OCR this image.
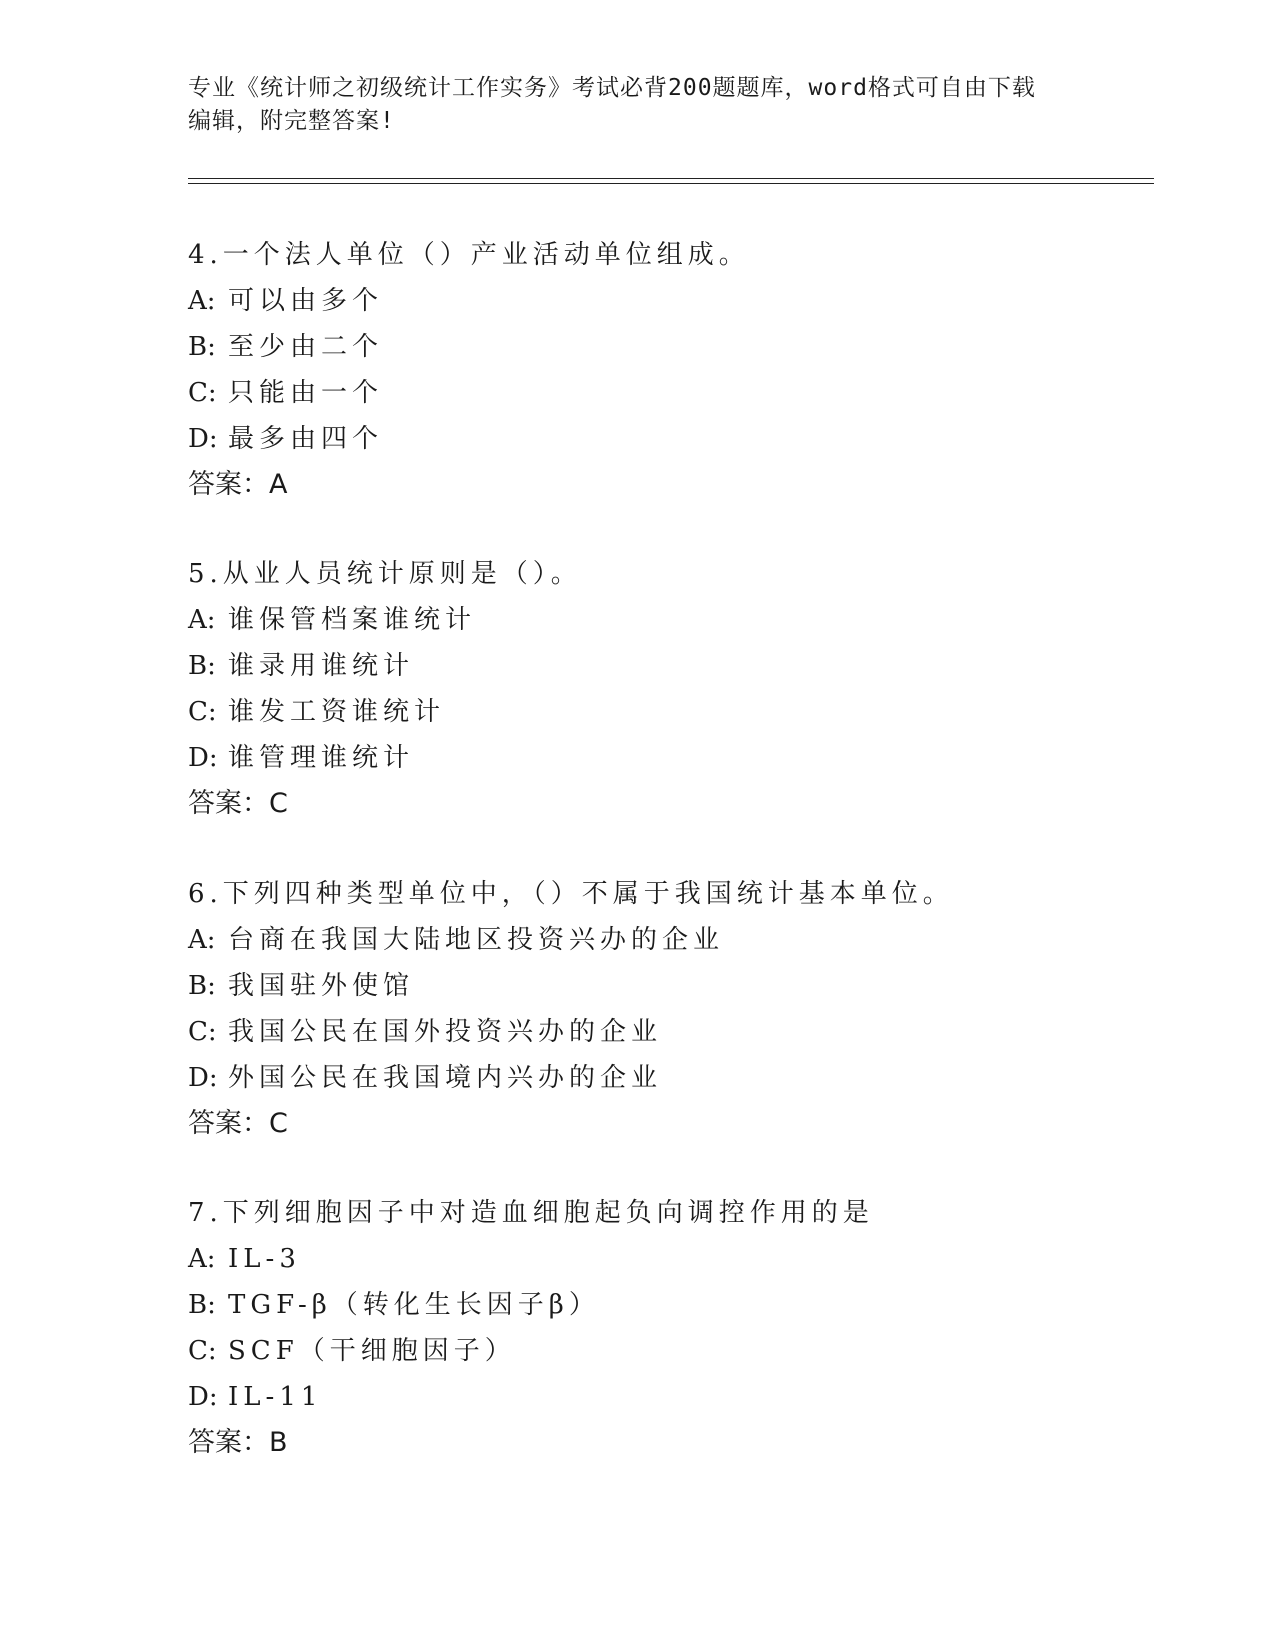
专业《统计师之初级统计工作实务》考试必背200题题库，word格式可自由下载
编辑，附完整答案!
4.一个法人单位（）产业活动单位组成。
A: 可以由多个
B: 至少由二个
C: 只能由一个
D: 最多由四个
答案：A
5.从业人员统计原则是（）。
A: 谁保管档案谁统计
B: 谁录用谁统计
C: 谁发工资谁统计
D: 谁管理谁统计
答案：C
6.下列四种类型单位中，（）不属于我国统计基本单位。
A: 台商在我国大陆地区投资兴办的企业
B: 我国驻外使馆
C: 我国公民在国外投资兴办的企业
D: 外国公民在我国境内兴办的企业
答案：C
7.下列细胞因子中对造血细胞起负向调控作用的是
A: IL-3
B: TGF-β（转化生长因子β）
C: SCF（干细胞因子）
D: IL-11
答案：B
